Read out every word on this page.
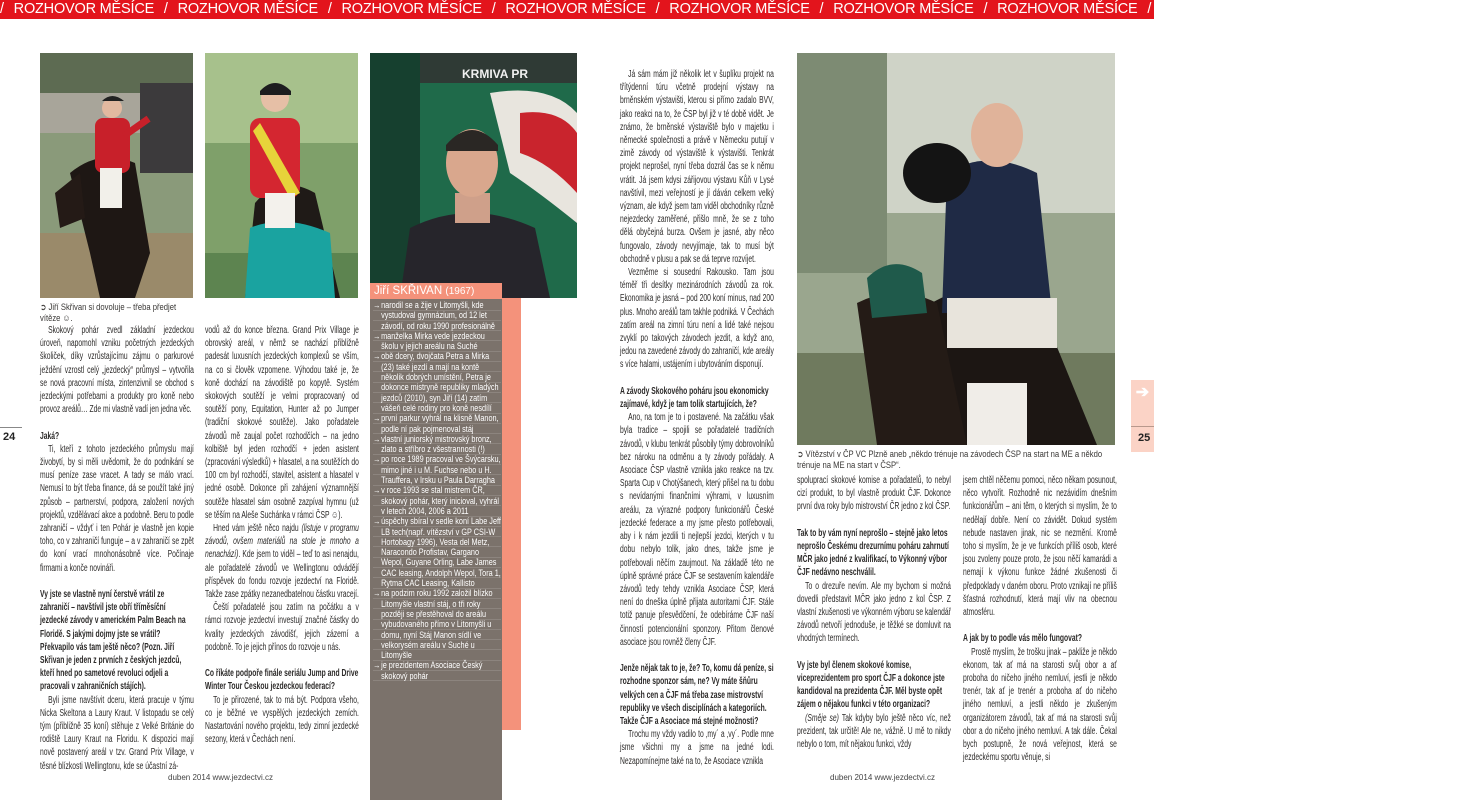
/ ROZHOVOR MĚSÍCE / ROZHOVOR MĚSÍCE / ROZHOVOR MĚSÍCE / ROZHOVOR MĚSÍCE / ROZHOVOR MĚSÍCE / ROZHOVOR MĚSÍCE / ROZHOVOR MĚSÍCE / ROZHOVOR MĚSÍCE / ROZHOVOR MĚSÍCE
KRMIVA PR
➲ Jiří Skřivan si dovoluje – třeba předjet vítěze ☺.

Skokový pohár zvedl základní jezdeckou úroveň, napomohl vzniku početných jezdeckých školiček, díky vzrůstajícímu zájmu o parkurové ježdění vzrostl celý „jezdecký“ průmysl – vytvořila se nová pracovní místa, zintenzivnil se obchod s jezdeckými potřebami a produkty pro koně nebo provoz areálů… Zde mi vlastně vadí jen jedna věc.

Jaká?

Ti, kteří z tohoto jezdeckého průmyslu mají živobytí, by si měli uvědomit, že do podnikání se musí peníze zase vracet. A tady se málo vrací. Nemusí to být třeba finance, dá se použít také jiný způsob – partnerství, podpora, založení nových projektů, vzdělávací akce a podobně. Beru to podle zahraničí – vždyť i ten Pohár je vlastně jen kopie toho, co v zahraničí funguje – a v zahraničí se zpět do koní vrací mnohonásobně více. Počínaje firmami a konče novináři.

Vy jste se vlastně nyní čerstvě vrátil ze zahraničí – navštívil jste obří tříměsíční jezdecké závody v americkém Palm Beach na Floridě. S jakými dojmy jste se vrátil? Překvapilo vás tam ještě něco? (Pozn. Jiří Skřivan je jeden z prvních z českých jezdců, kteří hned po sametové revoluci odjeli a pracovali v zahraničních stájích).

Byli jsme navštívit dceru, která pracuje v týmu Nicka Skeltona a Laury Kraut. V listopadu se celý tým (přibližně 35 koní) stěhuje z Velké Británie do rodiště Laury Kraut na Floridu. K dispozici mají nově postavený areál v tzv. Grand Prix Village, v těsné blízkosti Wellingtonu, kde se účastní zá-

vodů až do konce března. Grand Prix Village je obrovský areál, v němž se nachází přibližně padesát luxusních jezdeckých komplexů se vším, na co si člověk vzpomene. Výhodou také je, že koně dochází na závodiště po kopytě. Systém skokových soutěží je velmi propracovaný od soutěží pony, Equitation, Hunter až po Jumper (tradiční skokové soutěže). Jako pořadatele závodů mě zaujal počet rozhodčích – na jedno kolbiště byl jeden rozhodčí + jeden asistent (zpracování výsledků) + hlasatel, a na soutěžích do 100 cm byl rozhodčí, stavitel, asistent a hlasatel v jedné osobě. Dokonce při zahájení významnější soutěže hlasatel sám osobně zazpíval hymnu (už se těším na Aleše Suchánka v rámci ČSP ☺).

Hned vám ještě něco najdu (listuje v programu závodů, ovšem materiálů na stole je mnoho a nenachází). Kde jsem to viděl – teď to asi nenajdu, ale pořadatelé závodů ve Wellingtonu odvádějí příspěvek do fondu rozvoje jezdectví na Floridě. Takže zase zpátky nezanedbatelnou částku vracejí.

Čeští pořadatelé jsou zatím na počátku a v rámci rozvoje jezdectví investují značné částky do kvality jezdeckých závodišť, jejich zázemí a podobně. To je jejich přínos do rozvoje u nás.

Co říkáte podpoře finále seriálu Jump and Drive Winter Tour Českou jezdeckou federací?

To je přirozené, tak to má být. Podpora všeho, co je běžné ve vyspělých jezdeckých zemích. Nastartování nového projektu, tedy zimní jezdecké sezony, která v Čechách není.

Jiří SKŘIVAN (1967)
→ narodil se a žije v Litomyšli, kde vystudoval gymnázium, od 12 let závodí, od roku 1990 profesionálně
→ manželka Mirka vede jezdeckou školu v jejich areálu na Suché
→ obě dcery, dvojčata Petra a Mirka (23) také jezdí a mají na kontě několik dobrých umístění, Petra je dokonce mistryně republiky mladých jezdců (2010), syn Jiří (14) zatím vášeň celé rodiny pro koně nesdílí
→ první parkur vyhrál na klisně Manon, podle ní pak pojmenoval stáj
→ vlastní juniorský mistrovský bronz, zlato a stříbro z všestrannosti (!)
→ po roce 1989 pracoval ve Švýcarsku, mimo jiné i u M. Fuchse nebo u H. Trauffera, v Irsku u Paula Darragha
→ v roce 1993 se stal mistrem ČR, skokový pohár, který inicioval, vyhrál v letech 2004, 2006 a 2011
→ úspěchy sbíral v sedle koní Labe Jeff LB tech(např. vítězství v GP CSI-W Hortobagy 1996), Vesta del Metz, Naracondo Profistav, Gargano Wepol, Guyane Orling, Labe James CAC leasing, Andolph Wepol, Tora 1, Rytma CAC Leasing, Kallisto
→ na podzim roku 1992 založil blízko Litomyšle vlastní stáj, o tři roky později se přestěhoval do areálu vybudovaného přímo v Litomyšli u domu, nyní Stáj Manon sídlí ve velkorysém areálu v Suché u Litomyšle
→ je prezidentem Asociace Český skokový pohár
24
duben 2014 www.jezdectvi.cz

Já sám mám již několik let v šuplíku projekt na třítýdenní túru včetně prodejní výstavy na brněnském výstavišti, kterou si přímo zadalo BVV, jako reakci na to, že ČSP byl již v té době vidět. Je známo, že brněnské výstaviště bylo v majetku i německé společnosti a právě v Německu putují v zimě závody od výstaviště k výstavišti. Tenkrát projekt neprošel, nyní třeba dozrál čas se k němu vrátit. Já jsem kdysi zářijovou výstavu Kůň v Lysé navštívil, mezi veřejností je jí dáván celkem velký význam, ale když jsem tam viděl obchodníky různě nejezdecky zaměřené, přišlo mně, že se z toho dělá obyčejná burza. Ovšem je jasné, aby něco fungovalo, závody nevyjímaje, tak to musí být obchodně v plusu a pak se dá teprve rozvíjet.

Vezměme si sousední Rakousko. Tam jsou téměř tři desítky mezinárodních závodů za rok. Ekonomika je jasná – pod 200 koní minus, nad 200 plus. Mnoho areálů tam takhle podniká. V Čechách zatím areál na zimní túru není a lidé také nejsou zvyklí po takových závodech jezdit, a když ano, jedou na zavedené závody do zahraničí, kde areály s více halami, ustájením i ubytováním disponují.

A závody Skokového poháru jsou ekonomicky zajímavé, když je tam tolik startujících, že?

Ano, na tom je to i postavené. Na začátku však byla tradice – spojili se pořadatelé tradičních závodů, v klubu tenkrát působily týmy dobrovolníků bez nároku na odměnu a ty závody pořádaly. A Asociace ČSP vlastně vznikla jako reakce na tzv. Sparta Cup v Chotýšanech, který přišel na tu dobu s nevídanými finančními výhrami, v luxusním areálu, za výrazné podpory funkcionářů České jezdecké federace a my jsme přesto potřebovali, aby i k nám jezdili ti nejlepší jezdci, kterých v tu dobu nebylo tolik, jako dnes, takže jsme je potřebovali něčím zaujmout. Na základě této ne úplně správné práce ČJF se sestavením kalendáře závodů tedy tehdy vznikla Asociace ČSP, která není do dneška úplně přijata autoritami ČJF. Stále totiž panuje přesvědčení, že odebíráme ČJF naší činností potencionální sponzory. Přitom členové asociace jsou rovněž členy ČJF.

Jenže nějak tak to je, že? To, komu dá peníze, si rozhodne sponzor sám, ne? Vy máte šňůru velkých cen a ČJF má třeba zase mistrovství republiky ve všech disciplínách a kategoriích. Takže ČJF a Asociace má stejné možnosti?

Trochu my vždy vadilo to ‚my´ a ‚vy´. Podle mne jsme všichni my a jsme na jedné lodi. Nezapomínejme také na to, že Asociace vznikla

➲ Vítězství v ČP VC Plzně aneb „někdo trénuje na závodech ČSP na start na ME a někdo trénuje na ME na start v ČSP“.

spoluprací skokové komise a pořadatelů, to nebyl cizí produkt, to byl vlastně produkt ČJF. Dokonce první dva roky bylo mistrovství ČR jedno z kol ČSP.

Tak to by vám nyní neprošlo – stejně jako letos neprošlo Českému drezurnímu poháru zahrnutí MČR jako jedné z kvalifikací, to Výkonný výbor ČJF nedávno neschválil.

To o drezuře nevím. Ale my bychom si možná dovedli představit MČR jako jedno z kol ČSP. Z vlastní zkušenosti ve výkonném výboru se kalendář závodů netvoří jednoduše, je těžké se domluvit na vhodných termínech.

Vy jste byl členem skokové komise, viceprezidentem pro sport ČJF a dokonce jste kandidoval na prezidenta ČJF. Měl byste opět zájem o nějakou funkci v této organizaci?

(Směje se) Tak kdyby bylo ještě něco víc, než prezident, tak určitě! Ale ne, vážně. U mě to nikdy nebylo o tom, mít nějakou funkci, vždy

jsem chtěl něčemu pomoci, něco někam posunout, něco vytvořit. Rozhodně nic nezávidím dnešním funkcionářům – ani těm, o kterých si myslím, že to nedělají dobře. Není co závidět. Dokud systém nebude nastaven jinak, nic se nezmění. Kromě toho si myslím, že je ve funkcích příliš osob, které jsou zvoleny pouze proto, že jsou něčí kamarádi a nemají k výkonu funkce žádné zkušenosti či předpoklady v daném oboru. Proto vznikají ne příliš šťastná rozhodnutí, která mají vliv na obecnou atmosféru.

A jak by to podle vás mělo fungovat?

Prostě myslím, že trošku jinak – pakliže je někdo ekonom, tak ať má na starosti svůj obor a ať proboha do ničeho jiného nemluví, jestli je někdo trenér, tak ať je trenér a proboha ať do ničeho jiného nemluví, a jestli někdo je zkušeným organizátorem závodů, tak ať má na starosti svůj obor a do ničeho jiného nemluví. A tak dále. Čekal bych postupně, že nová veřejnost, která se jezdeckému sportu věnuje, si

➔
25
duben 2014 www.jezdectvi.cz
